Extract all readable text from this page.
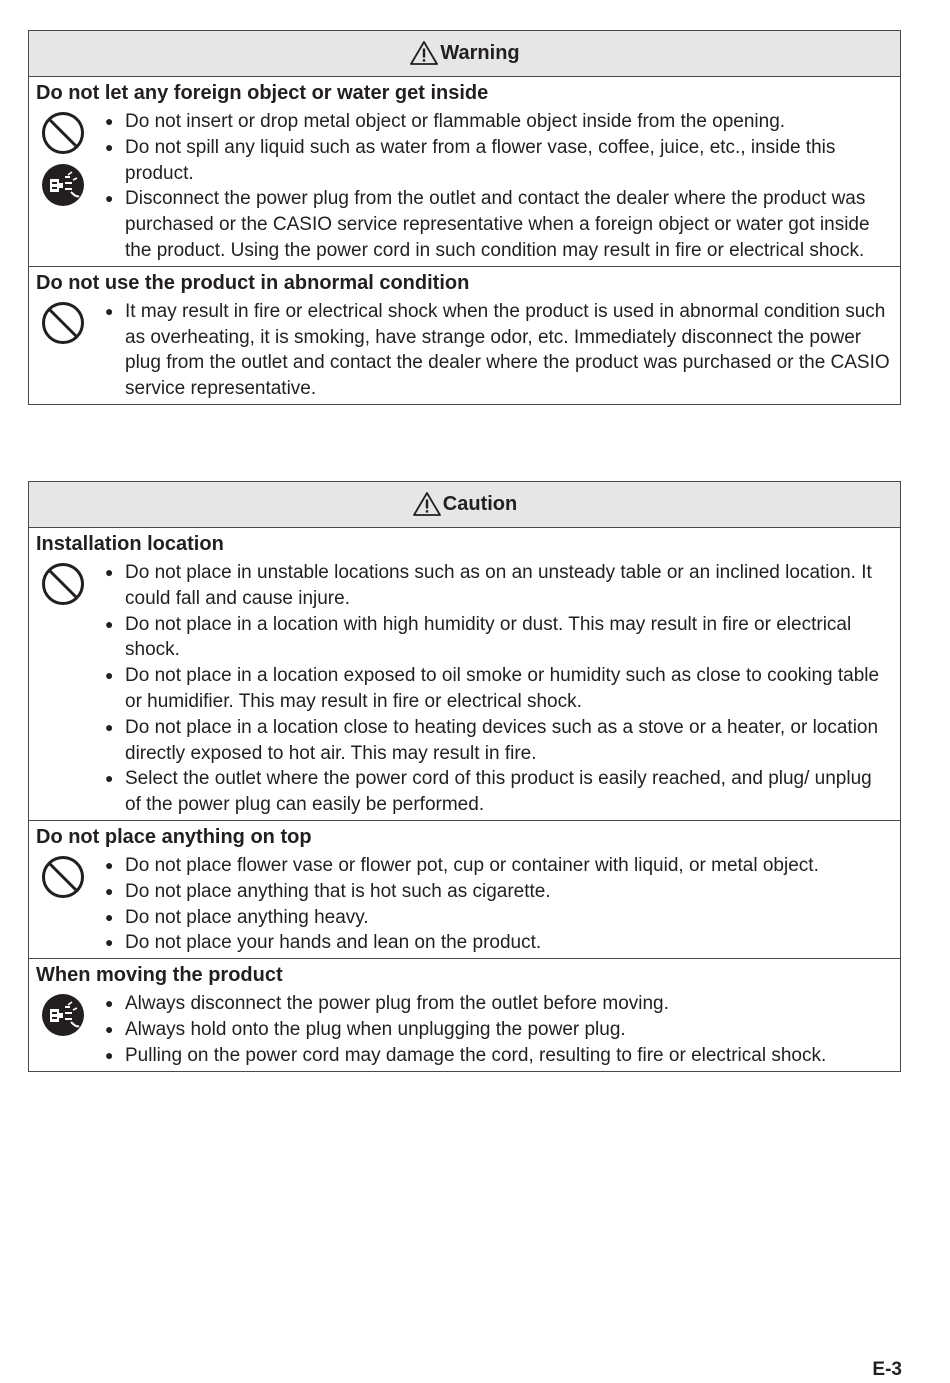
Warning
Do not let any foreign object or water get inside
● Do not insert or drop metal object or flammable object inside from the opening.
● Do not spill any liquid such as water from a flower vase, coffee, juice, etc., inside this product.
● Disconnect the power plug from the outlet and contact the dealer where the product was purchased or the CASIO service representative when a foreign object or water got inside the product. Using the power cord in such condition may result in fire or electrical shock.
Do not use the product in abnormal condition
● It may result in fire or electrical shock when the product is used in abnormal condition such as overheating, it is smoking, have strange odor, etc. Immediately disconnect the power plug from the outlet and contact the dealer where the product was purchased or the CASIO service representative.
Caution
Installation location
● Do not place in unstable locations such as on an unsteady table or an inclined location. It could fall and cause injure.
● Do not place in a location with high humidity or dust. This may result in fire or electrical shock.
● Do not place in a location exposed to oil smoke or humidity such as close to cooking table or humidifier. This may result in fire or electrical shock.
● Do not place in a location close to heating devices such as a stove or a heater, or location directly exposed to hot air. This may result in fire.
● Select the outlet where the power cord of this product is easily reached, and plug/ unplug of the power plug can easily be performed.
Do not place anything on top
● Do not place flower vase or flower pot, cup or container with liquid, or metal object.
● Do not place anything that is hot such as cigarette.
● Do not place anything heavy.
● Do not place your hands and lean on the product.
When moving the product
● Always disconnect the power plug from the outlet before moving.
● Always hold onto the plug when unplugging the power plug.
● Pulling on the power cord may damage the cord, resulting to fire or electrical shock.
E-3
